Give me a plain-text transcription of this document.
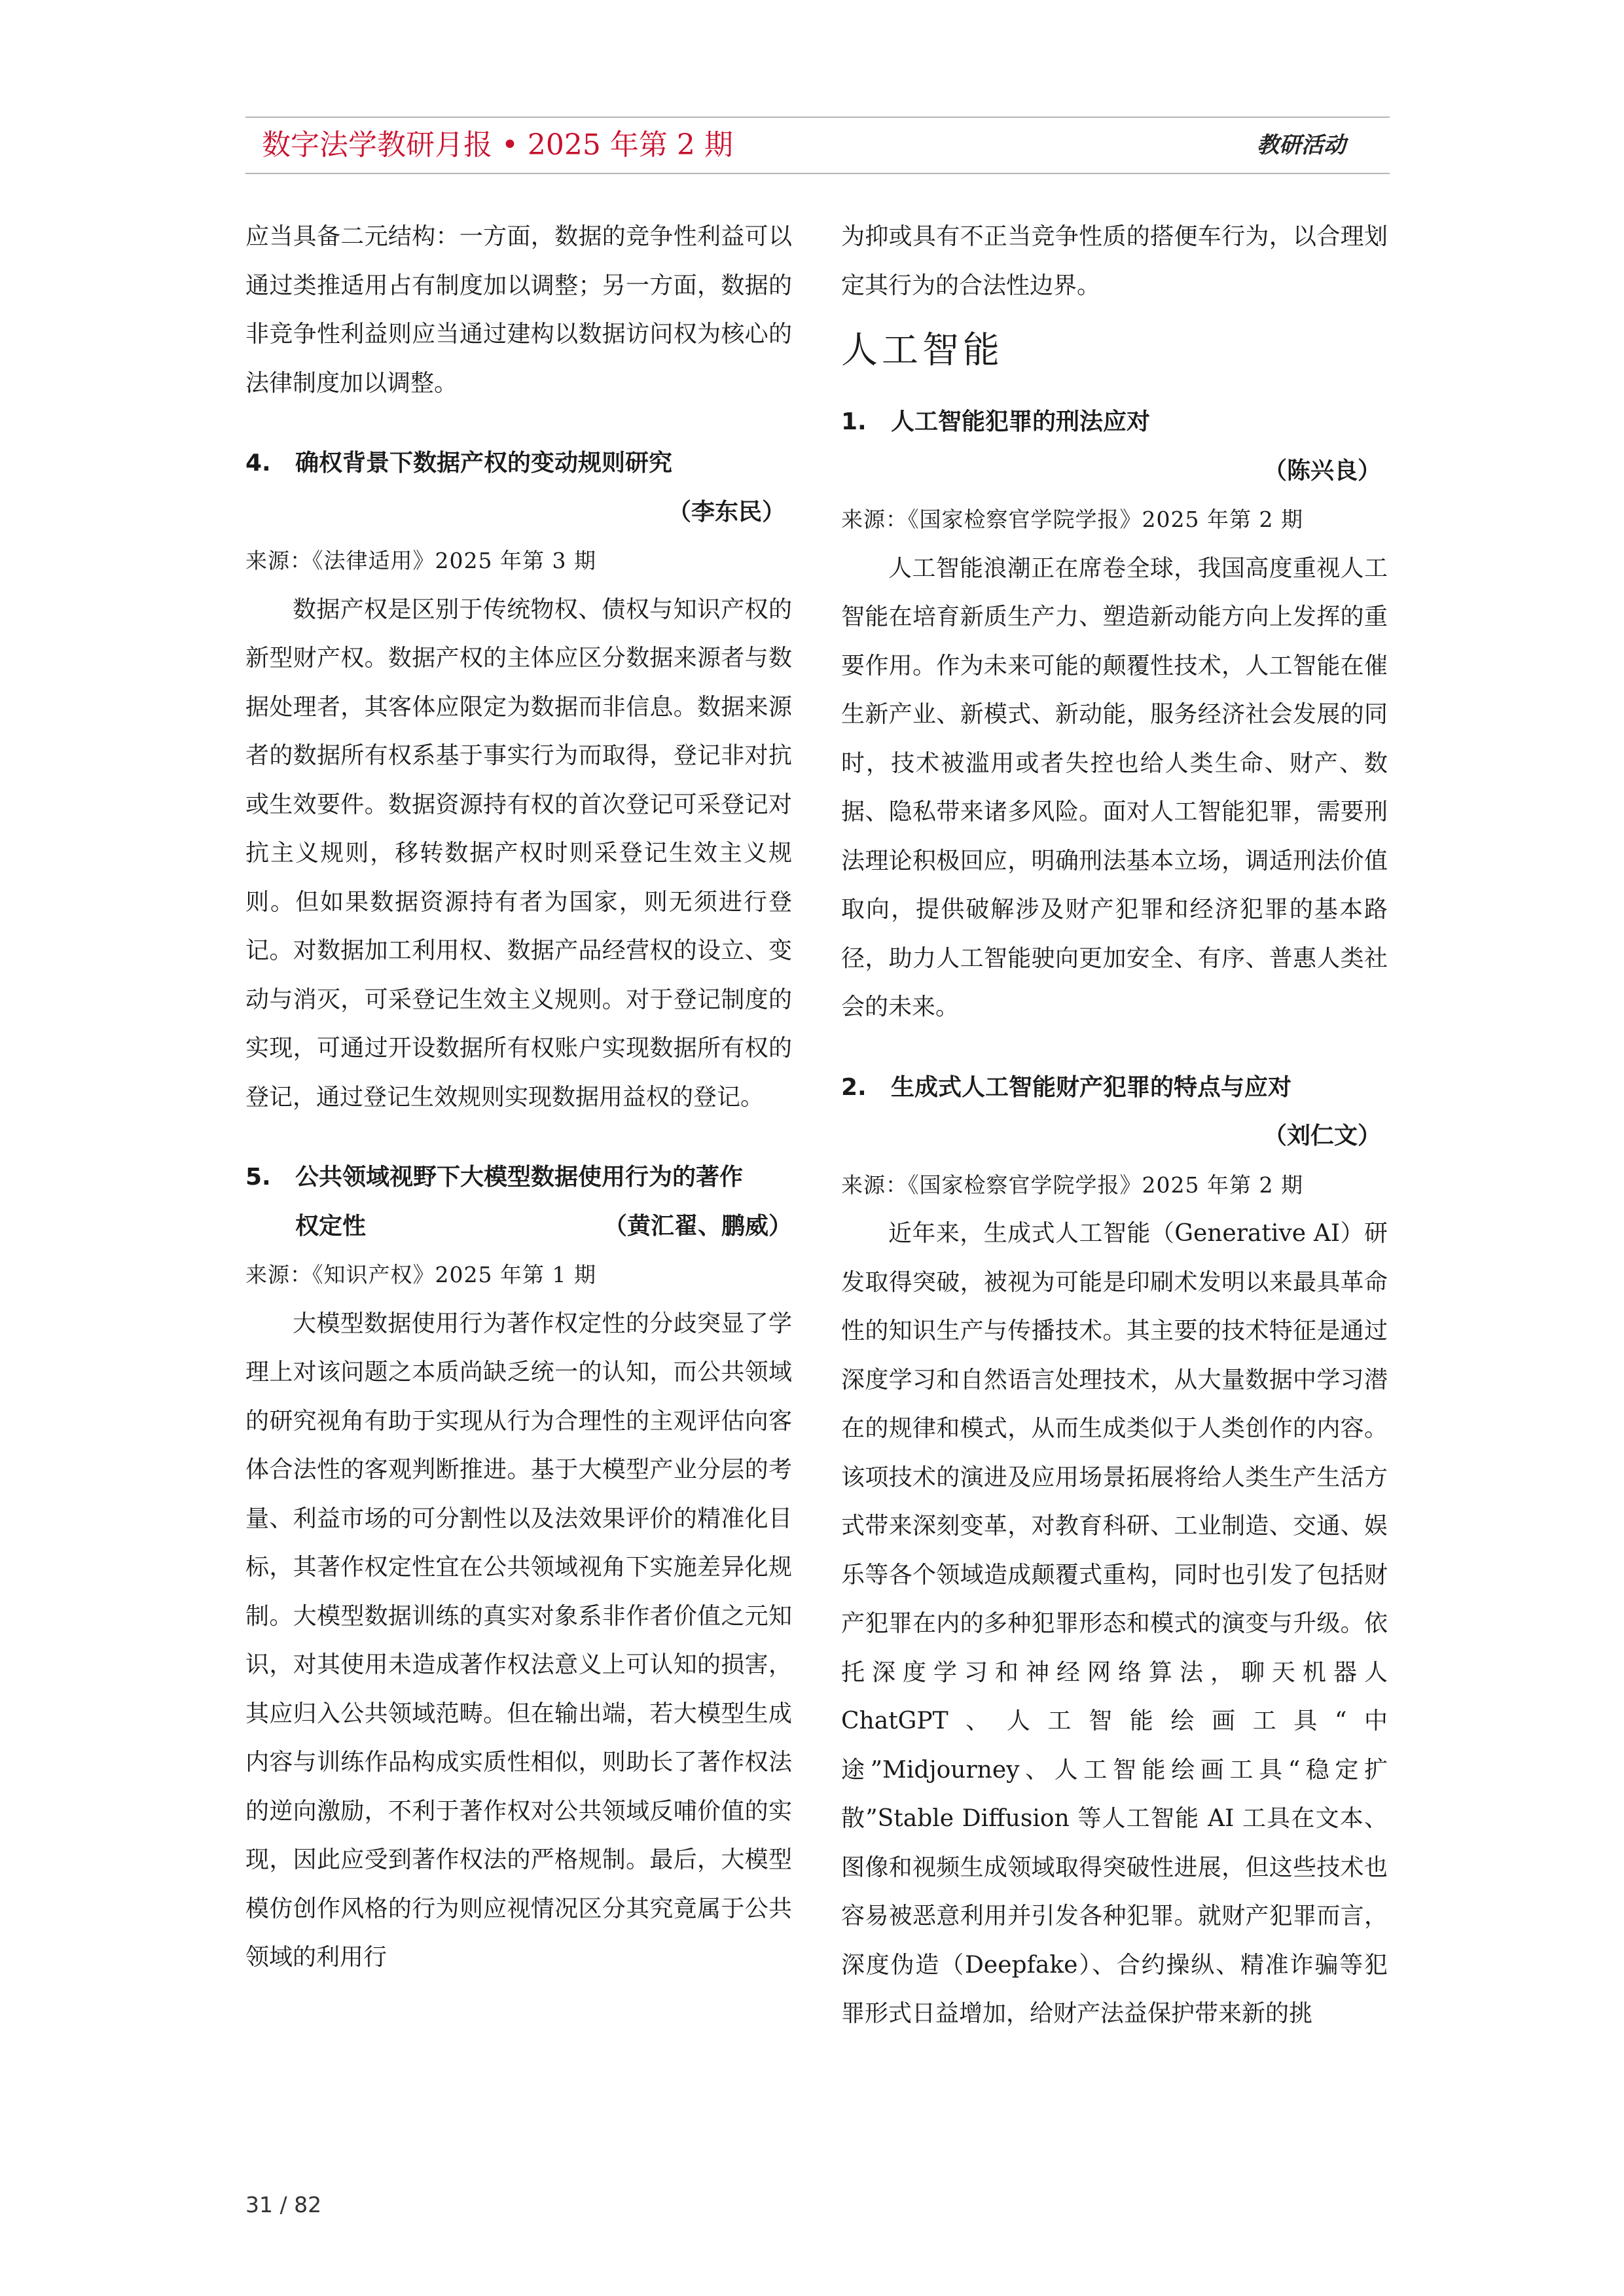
数字法学教研月报 • 2025 年第 2 期	教研活动

应当具备二元结构：一方面，数据的竞争性利益可以通过类推适用占有制度加以调整；另一方面，数据的非竞争性利益则应当通过建构以数据访问权为核心的法律制度加以调整。

4.	确权背景下数据产权的变动规则研究
（李东民）
来源：《法律适用》2025 年第 3 期

数据产权是区别于传统物权、债权与知识产权的新型财产权。数据产权的主体应区分数据来源者与数据处理者，其客体应限定为数据而非信息。数据来源者的数据所有权系基于事实行为而取得，登记非对抗或生效要件。数据资源持有权的首次登记可采登记对抗主义规则，移转数据产权时则采登记生效主义规则。但如果数据资源持有者为国家，则无须进行登记。对数据加工利用权、数据产品经营权的设立、变动与消灭，可采登记生效主义规则。对于登记制度的实现，可通过开设数据所有权账户实现数据所有权的登记，通过登记生效规则实现数据用益权的登记。

5.	公共领域视野下大模型数据使用行为的著作
权定性	（黄汇翟、鹏威）
来源：《知识产权》2025 年第 1 期

大模型数据使用行为著作权定性的分歧突显了学理上对该问题之本质尚缺乏统一的认知，而公共领域的研究视角有助于实现从行为合理性的主观评估向客体合法性的客观判断推进。基于大模型产业分层的考量、利益市场的可分割性以及法效果评价的精准化目标，其著作权定性宜在公共领域视角下实施差异化规制。大模型数据训练的真实对象系非作者价值之元知识，对其使用未造成著作权法意义上可认知的损害，其应归入公共领域范畴。但在输出端，若大模型生成内容与训练作品构成实质性相似，则助长了著作权法的逆向激励，不利于著作权对公共领域反哺价值的实现，因此应受到著作权法的严格规制。最后，大模型模仿创作风格的行为则应视情况区分其究竟属于公共领域的利用行

为抑或具有不正当竞争性质的搭便车行为，以合理划定其行为的合法性边界。

人工智能
1.	人工智能犯罪的刑法应对
（陈兴良）
来源：《国家检察官学院学报》2025 年第 2 期

人工智能浪潮正在席卷全球，我国高度重视人工智能在培育新质生产力、塑造新动能方向上发挥的重要作用。作为未来可能的颠覆性技术，人工智能在催生新产业、新模式、新动能，服务经济社会发展的同时，技术被滥用或者失控也给人类生命、财产、数据、隐私带来诸多风险。面对人工智能犯罪，需要刑法理论积极回应，明确刑法基本立场，调适刑法价值取向，提供破解涉及财产犯罪和经济犯罪的基本路径，助力人工智能驶向更加安全、有序、普惠人类社会的未来。

2.	生成式人工智能财产犯罪的特点与应对
（刘仁文）
来源：《国家检察官学院学报》2025 年第 2 期

近年来，生成式人工智能（Generative AI）研发取得突破，被视为可能是印刷术发明以来最具革命性的知识生产与传播技术。其主要的技术特征是通过深度学习和自然语言处理技术，从大量数据中学习潜在的规律和模式，从而生成类似于人类创作的内容。该项技术的演进及应用场景拓展将给人类生产生活方式带来深刻变革，对教育科研、工业制造、交通、娱乐等各个领域造成颠覆式重构，同时也引发了包括财产犯罪在内的多种犯罪形态和模式的演变与升级。依托深度学习和神经网络算法，聊天机器人 ChatGPT、人工智能绘画工具“中途”Midjourney、人工智能绘画工具“稳定扩散”Stable Diffusion 等人工智能 AI 工具在文本、图像和视频生成领域取得突破性进展，但这些技术也容易被恶意利用并引发各种犯罪。就财产犯罪而言，深度伪造（Deepfake）、合约操纵、精准诈骗等犯罪形式日益增加，给财产法益保护带来新的挑

31 / 82
